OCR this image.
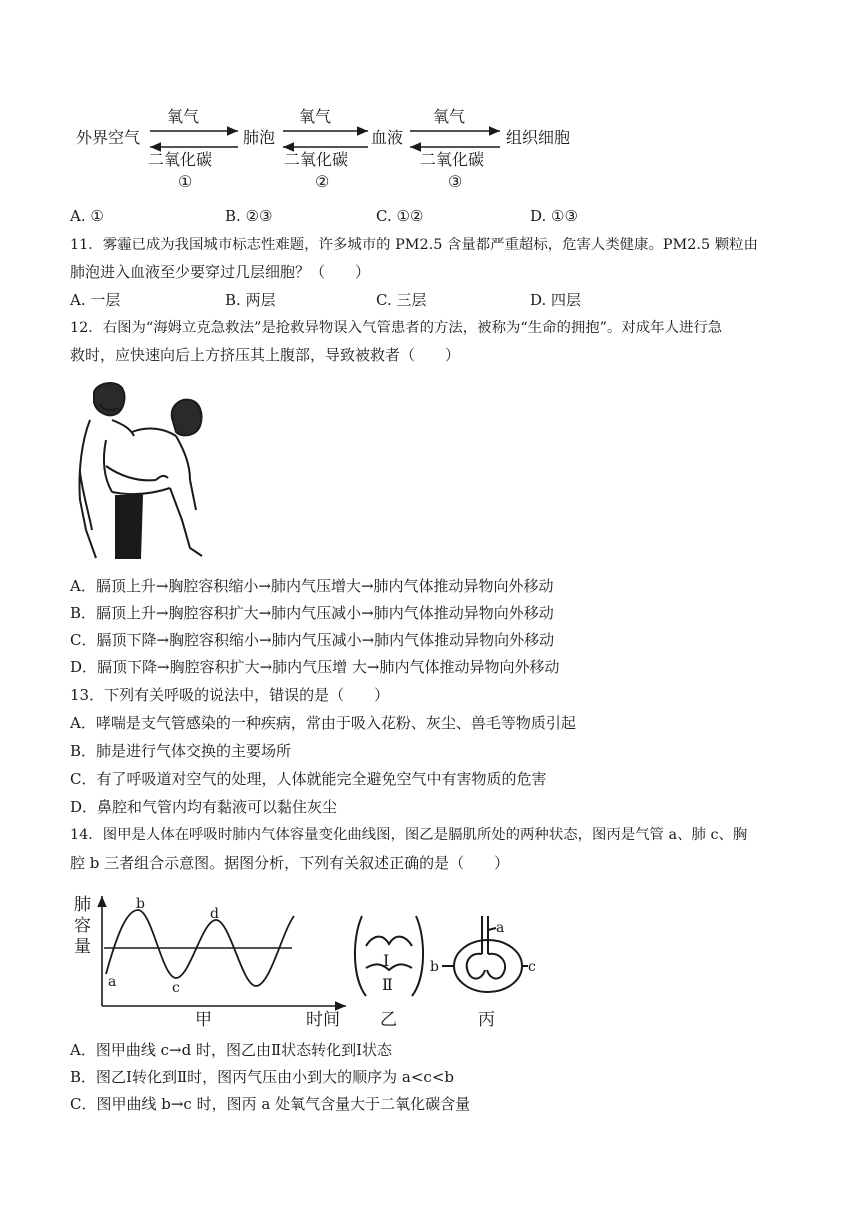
外界空气	肺泡	血液	组织细胞
氧气	氧气	氧气
二氧化碳	二氧化碳	二氧化碳
①	②	③
A. ①	B. ②③	C. ①②	D. ①③
11．雾霾已成为我国城市标志性难题，许多城市的 PM2.5 含量都严重超标，危害人类健康。PM2.5 颗粒由
肺泡进入血液至少要穿过几层细胞？（　　）
A. 一层	B. 两层	C. 三层	D. 四层
12．右图为“海姆立克急救法”是抢救异物误入气管患者的方法，被称为“生命的拥抱”。对成年人进行急
救时，应快速向后上方挤压其上腹部，导致被救者（　　）
A．膈顶上升→胸腔容积缩小→肺内气压增大→肺内气体推动异物向外移动
B．膈顶上升→胸腔容积扩大→肺内气压减小→肺内气体推动异物向外移动
C．膈顶下降→胸腔容积缩小→肺内气压减小→肺内气体推动异物向外移动
D．膈顶下降→胸腔容积扩大→肺内气压增 大→肺内气体推动异物向外移动
13．下列有关呼吸的说法中，错误的是（　　）
A．哮喘是支气管感染的一种疾病，常由于吸入花粉、灰尘、兽毛等物质引起
B．肺是进行气体交换的主要场所
C．有了呼吸道对空气的处理，人体就能完全避免空气中有害物质的危害
D．鼻腔和气管内均有黏液可以黏住灰尘
14．图甲是人体在呼吸时肺内气体容量变化曲线图，图乙是膈肌所处的两种状态，图丙是气管 a、肺 c、胸
腔 b 三者组合示意图。据图分析，下列有关叙述正确的是（　　）
肺
容
量
a
b
c
d
甲	时间
Ⅰ
Ⅱ
乙
a
b	c
丙
A．图甲曲线 c→d 时，图乙由Ⅱ状态转化到Ⅰ状态
B．图乙Ⅰ转化到Ⅱ时，图丙气压由小到大的顺序为 a<c<b
C．图甲曲线 b→c 时，图丙 a 处氧气含量大于二氧化碳含量
